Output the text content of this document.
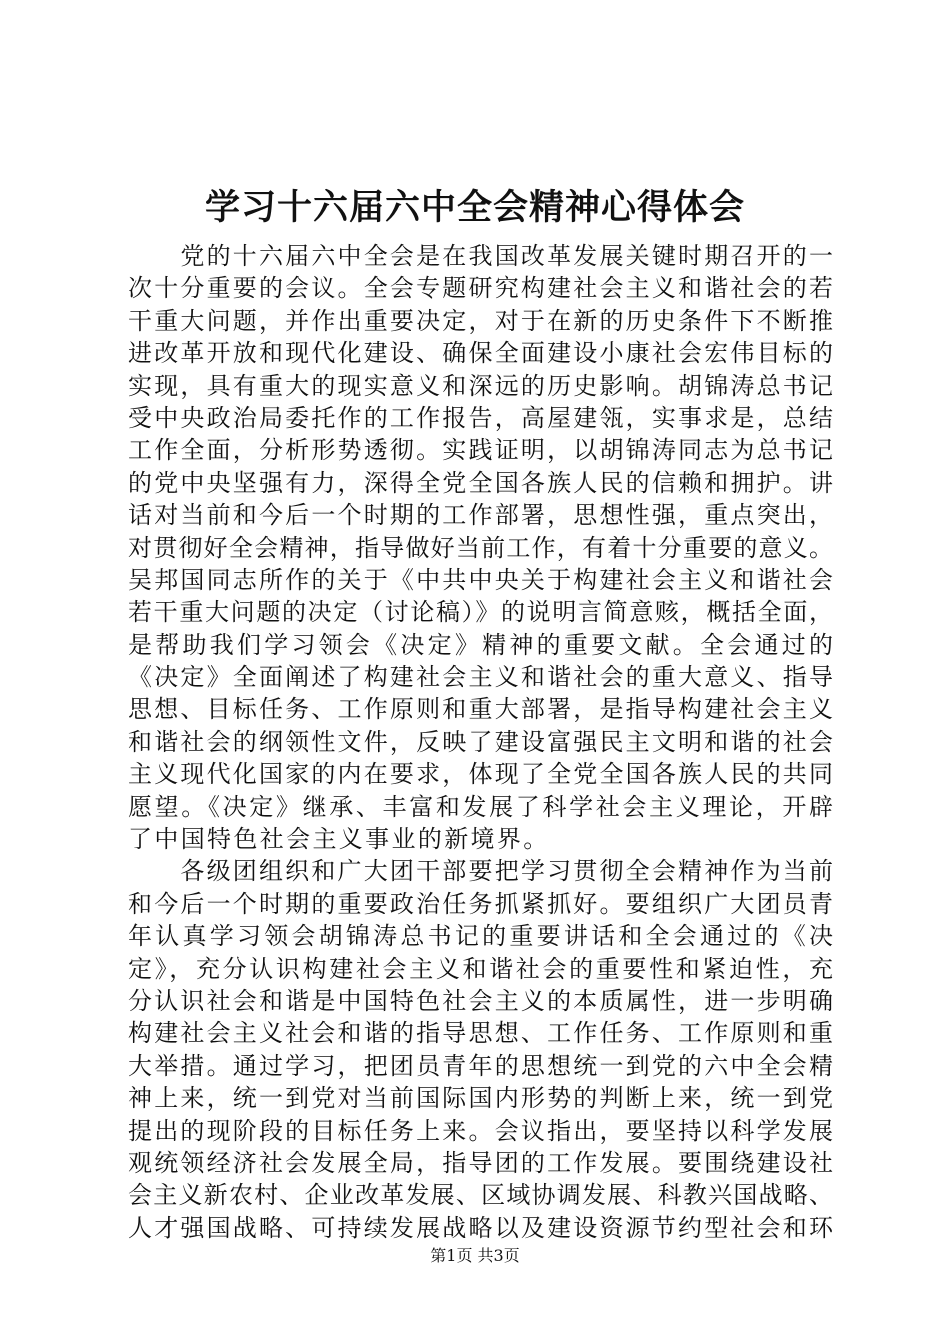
学习十六届六中全会精神心得体会
　　党的十六届六中全会是在我国改革发展关键时期召开的一
次十分重要的会议。全会专题研究构建社会主义和谐社会的若
干重大问题，并作出重要决定，对于在新的历史条件下不断推
进改革开放和现代化建设、确保全面建设小康社会宏伟目标的
实现，具有重大的现实意义和深远的历史影响。胡锦涛总书记
受中央政治局委托作的工作报告，高屋建瓴，实事求是，总结
工作全面，分析形势透彻。实践证明，以胡锦涛同志为总书记
的党中央坚强有力，深得全党全国各族人民的信赖和拥护。讲
话对当前和今后一个时期的工作部署，思想性强，重点突出，
对贯彻好全会精神，指导做好当前工作，有着十分重要的意义。
吴邦国同志所作的关于《中共中央关于构建社会主义和谐社会
若干重大问题的决定（讨论稿）》的说明言简意赅，概括全面，
是帮助我们学习领会《决定》精神的重要文献。全会通过的
《决定》全面阐述了构建社会主义和谐社会的重大意义、指导
思想、目标任务、工作原则和重大部署，是指导构建社会主义
和谐社会的纲领性文件，反映了建设富强民主文明和谐的社会
主义现代化国家的内在要求，体现了全党全国各族人民的共同
愿望。《决定》继承、丰富和发展了科学社会主义理论，开辟
了中国特色社会主义事业的新境界。
　　各级团组织和广大团干部要把学习贯彻全会精神作为当前
和今后一个时期的重要政治任务抓紧抓好。要组织广大团员青
年认真学习领会胡锦涛总书记的重要讲话和全会通过的《决
定》，充分认识构建社会主义和谐社会的重要性和紧迫性，充
分认识社会和谐是中国特色社会主义的本质属性，进一步明确
构建社会主义社会和谐的指导思想、工作任务、工作原则和重
大举措。通过学习，把团员青年的思想统一到党的六中全会精
神上来，统一到党对当前国际国内形势的判断上来，统一到党
提出的现阶段的目标任务上来。会议指出，要坚持以科学发展
观统领经济社会发展全局，指导团的工作发展。要围绕建设社
会主义新农村、企业改革发展、区域协调发展、科教兴国战略、
人才强国战略、可持续发展战略以及建设资源节约型社会和环
第1页 共3页
